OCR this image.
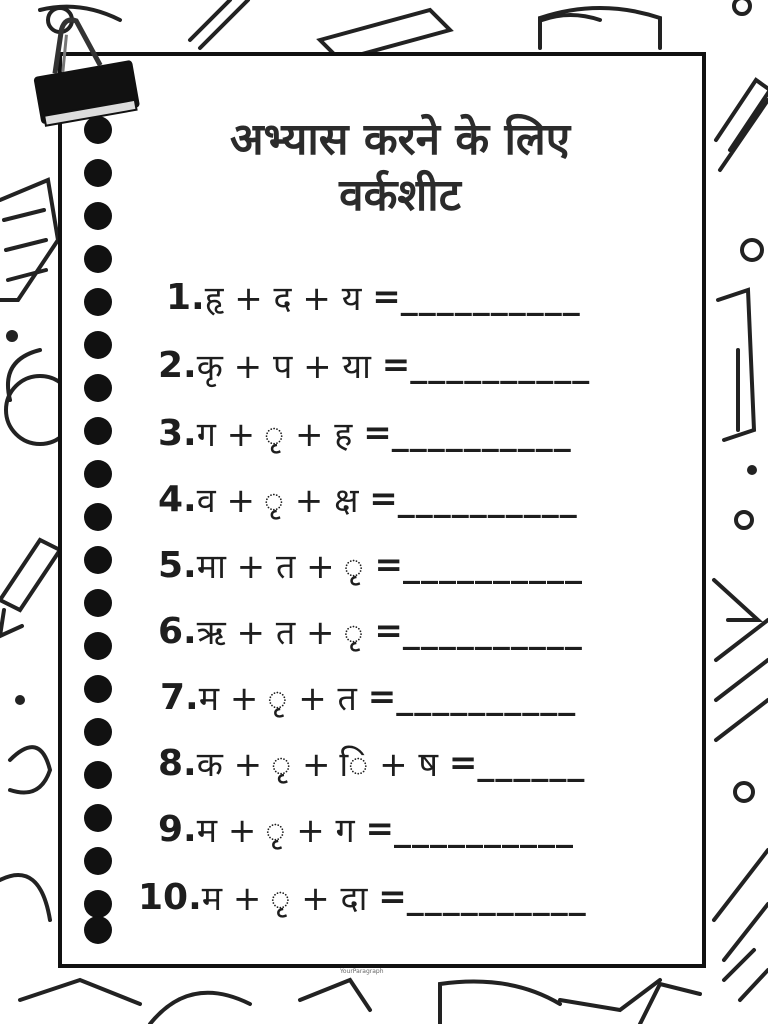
अभ्यास करने के लिए
वर्कशीट
1. हृ + द + य
= __________
2. कृ + प + या
= __________
3. ग + ृ + ह
= __________
4. व + ृ + क्ष
= __________
5. मा + त + ृ
= __________
6. ऋ + त + ृ
= __________
7. म + ृ + त
= __________
8. क + ृ + ि + ष
= ______
9. म + ृ + ग
= __________
10. म + ृ + दा
= __________
YourParagraph
